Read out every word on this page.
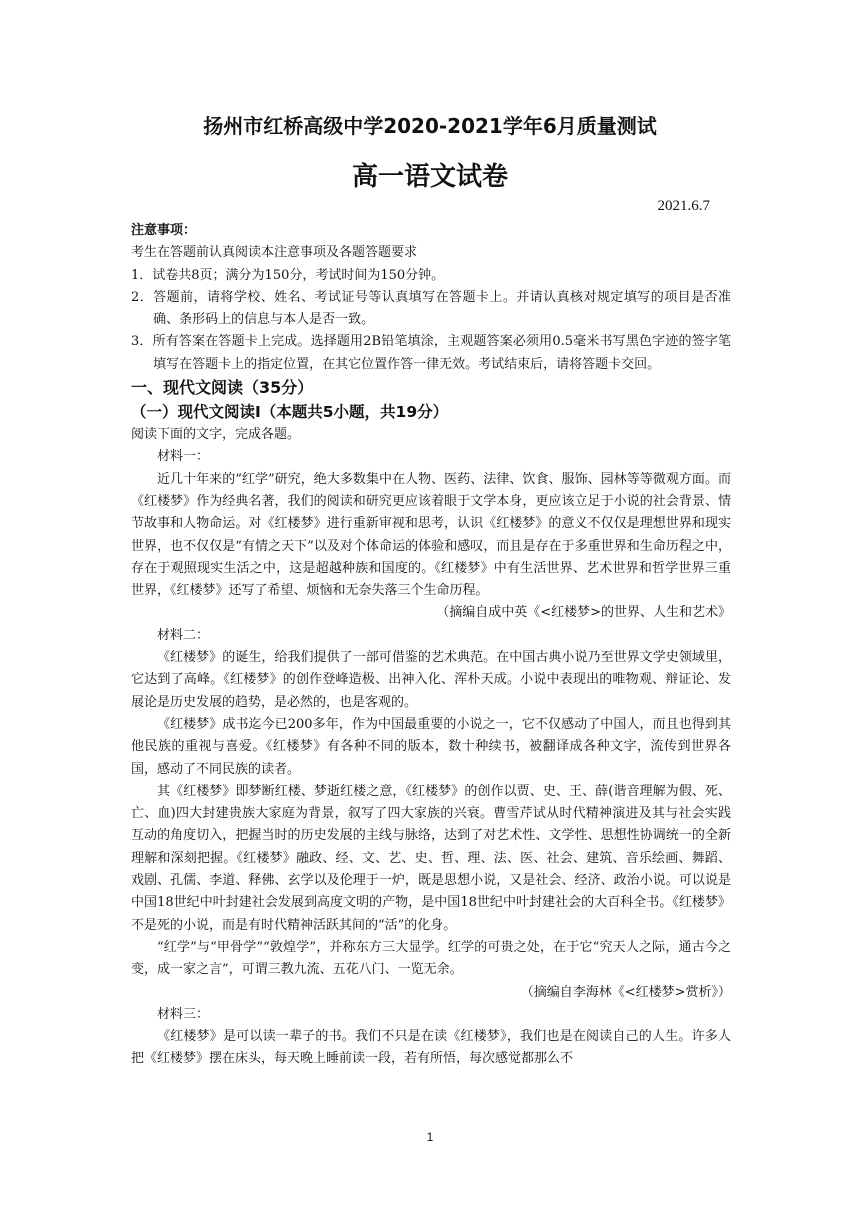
扬州市红桥高级中学2020-2021学年6月质量测试
高一语文试卷
2021.6.7

注意事项：

考生在答题前认真阅读本注意事项及各题答题要求

1．试卷共8页；满分为150分，考试时间为150分钟。

2．答题前，请将学校、姓名、考试证号等认真填写在答题卡上。并请认真核对规定填写的项目是否准确、条形码上的信息与本人是否一致。

3．所有答案在答题卡上完成。选择题用2B铅笔填涂，主观题答案必须用0.5毫米书写黑色字迹的签字笔填写在答题卡上的指定位置，在其它位置作答一律无效。考试结束后，请将答题卡交回。

一、现代文阅读（35分）

（一）现代文阅读Ⅰ（本题共5小题，共19分）

阅读下面的文字，完成各题。

材料一：

近几十年来的“红学”研究，绝大多数集中在人物、医药、法律、饮食、服饰、园林等等微观方面。而《红楼梦》作为经典名著，我们的阅读和研究更应该着眼于文学本身，更应该立足于小说的社会背景、情节故事和人物命运。对《红楼梦》进行重新审视和思考，认识《红楼梦》的意义不仅仅是理想世界和现实世界，也不仅仅是“有情之天下”以及对个体命运的体验和感叹，而且是存在于多重世界和生命历程之中，存在于观照现实生活之中，这是超越种族和国度的。《红楼梦》中有生活世界、艺术世界和哲学世界三重世界，《红楼梦》还写了希望、烦恼和无奈失落三个生命历程。

（摘编自成中英《<红楼梦>的世界、人生和艺术》

材料二：

《红楼梦》的诞生，给我们提供了一部可借鉴的艺术典范。在中国古典小说乃至世界文学史领域里，它达到了高峰。《红楼梦》的创作登峰造极、出神入化、浑朴天成。小说中表现出的唯物观、辩证论、发展论是历史发展的趋势，是必然的，也是客观的。

《红楼梦》成书迄今已200多年，作为中国最重要的小说之一，它不仅感动了中国人，而且也得到其他民族的重视与喜爱。《红楼梦》有各种不同的版本，数十种续书，被翻译成各种文字，流传到世界各国，感动了不同民族的读者。

其《红楼梦》即梦断红楼、梦逝红楼之意，《红楼梦》的创作以贾、史、王、薛(谐音理解为假、死、亡、血)四大封建贵族大家庭为背景，叙写了四大家族的兴衰。曹雪芹试从时代精神演进及其与社会实践互动的角度切入，把握当时的历史发展的主线与脉络，达到了对艺术性、文学性、思想性协调统一的全新理解和深刻把握。《红楼梦》融政、经、文、艺、史、哲、理、法、医、社会、建筑、音乐绘画、舞蹈、戏剧、孔儒、李道、释佛、玄学以及伦理于一炉，既是思想小说，又是社会、经济、政治小说。可以说是中国18世纪中叶封建社会发展到高度文明的产物，是中国18世纪中叶封建社会的大百科全书。《红楼梦》不是死的小说，而是有时代精神活跃其间的“活”的化身。

“红学”与“甲骨学”“敦煌学”，并称东方三大显学。红学的可贵之处，在于它“究天人之际，通古今之变，成一家之言”，可谓三教九流、五花八门、一览无余。

（摘编自李海林《<红楼梦>赏析》）

材料三：

《红楼梦》是可以读一辈子的书。我们不只是在读《红楼梦》，我们也是在阅读自己的人生。许多人把《红楼梦》摆在床头，每天晚上睡前读一段，若有所悟，每次感觉都那么不

1
